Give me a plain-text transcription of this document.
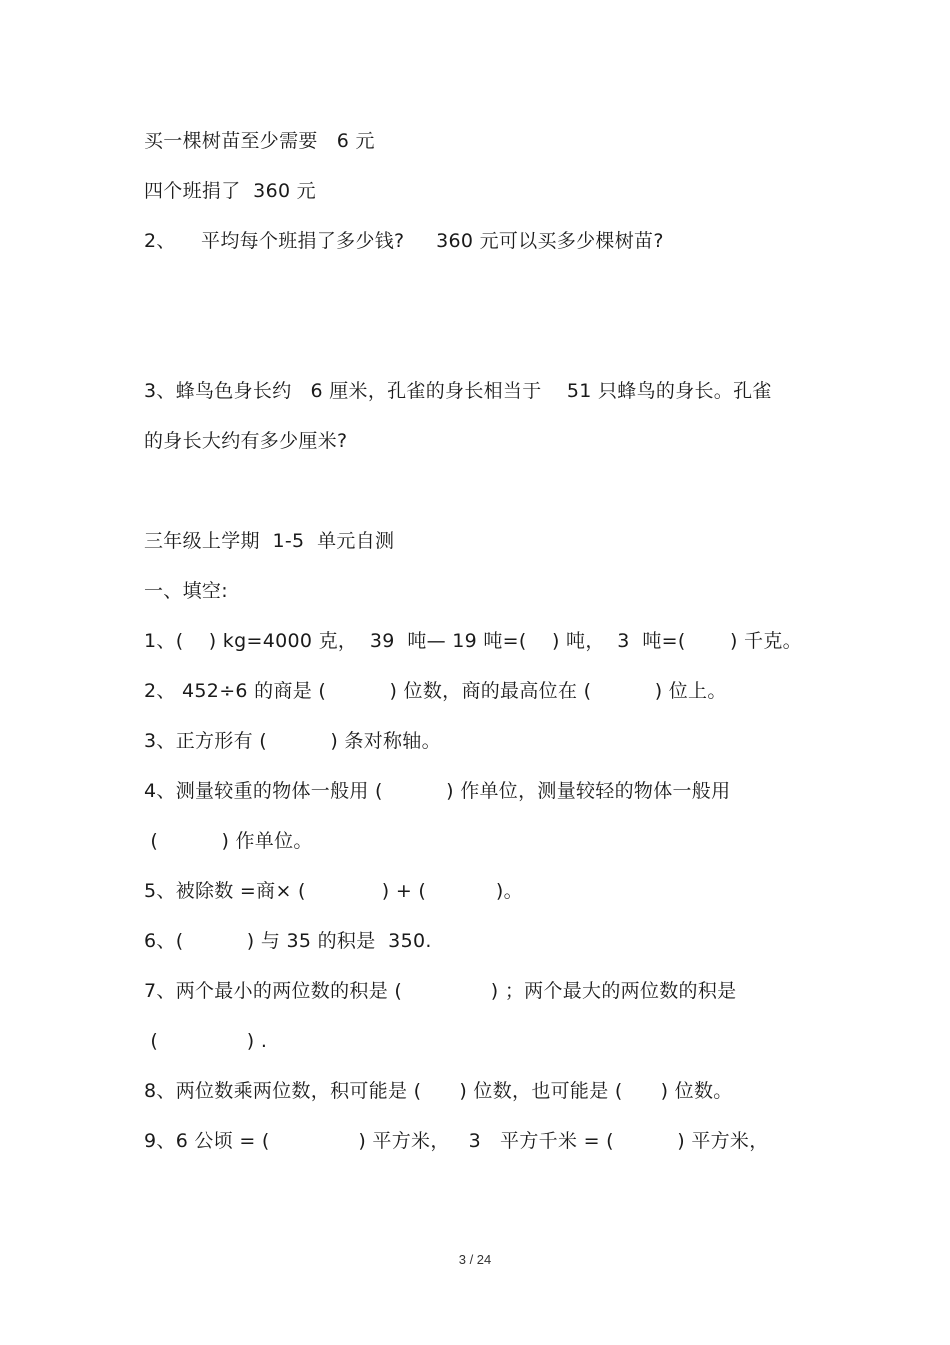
买一棵树苗至少需要   6 元
四个班捐了  360 元
2、    平均每个班捐了多少钱?     360 元可以买多少棵树苗?
3、蜂鸟色身长约   6 厘米，孔雀的身长相当于    51 只蜂鸟的身长。孔雀
的身长大约有多少厘米?
三年级上学期  1-5  单元自测
一、填空:
1、(    ) kg=4000 克，  39  吨— 19 吨=(    ) 吨，  3  吨=(       ) 千克。
2、 452÷6 的商是 (          ) 位数，商的最高位在 (          ) 位上。
3、正方形有 (          ) 条对称轴。
4、测量较重的物体一般用 (          ) 作单位，测量较轻的物体一般用
(          ) 作单位。
5、被除数 =商× (            ) + (           )。
6、(          ) 与 35 的积是  350.
7、两个最小的两位数的积是 (              ) ；两个最大的两位数的积是
(              ) .
8、两位数乘两位数，积可能是 (      ) 位数，也可能是 (      ) 位数。
9、6 公顷 = (              ) 平方米，   3   平方千米 = (          ) 平方米，
3 / 24
